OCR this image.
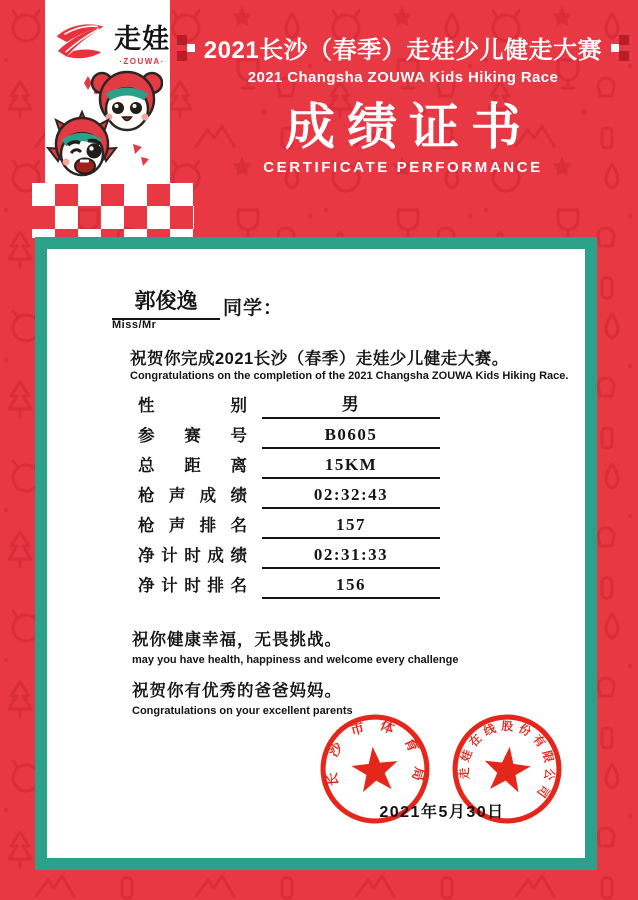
走娃
·ZOUWA· 2021长沙（春季）走娃少儿健走大赛
2021 Changsha ZOUWA Kids Hiking Race
成绩证书
CERTIFICATE PERFORMANCE
郭俊逸	同学：
Miss/Mr
祝贺你完成2021长沙（春季）走娃少儿健走大赛。
Congratulations on the completion of the 2021 Changsha ZOUWA Kids Hiking Race.
性	别	男
参 赛 号	B0605
总 距 离	15KM
枪 声 成 绩	02:32:43
枪 声 排 名	157
净 计 时 成 绩	02:31:33
净 计 时 排 名	156
祝你健康幸福，无畏挑战。
may you have health, happiness and welcome every challenge
祝贺你有优秀的爸爸妈妈。
Congratulations on your excellent parents
长沙市体育局	走娃在线股份有限公司
2021年5月30日
